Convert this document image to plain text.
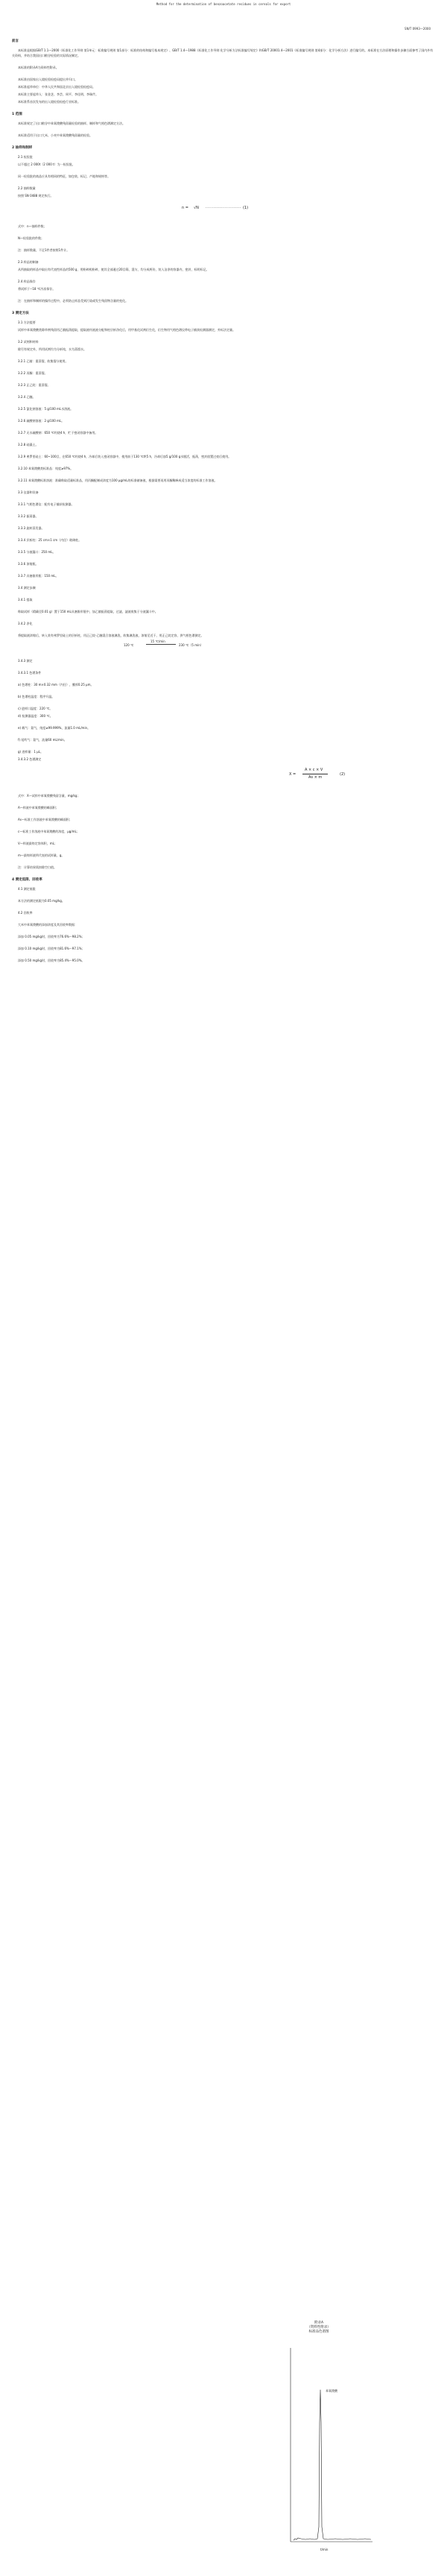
Method for the determination of benzoacetate residues in cereals for export
SN/T 0993—2000

前言

本标准是根据GB/T 1.1—2000《标准化工作导则 第1单元：标准编写规则 第1部分：标准的结构和编写基本规定》、GB/T 1.4—1988《标准化工作导则 化学分析方法标准编写规定》和GB/T 20001.4—2001《标准编写规则 第4部分：化学分析方法》进行编写的。本标准在方法原理和操作步骤方面参考了国内外有关资料，并结合我国出口粮谷检验的实际情况制定。

本标准的附录A为资料性附录。

本标准由国家出入境检验检疫局提出并归口。

本标准起草单位：中华人民共和国北京出入境检验检疫局。

本标准主要起草人：张金芝、李芸、周平、李佳明、李瑞芹。

本标准系首次发布的出入境检验检疫行业标准。

1 范围

本标准规定了出口粮谷中苯氧羧酸残留量检验的抽样、制样和气相色谱测定方法。

本标准适用于出口大米、小麦中苯氧羧酸残留量的检验。

2 抽样和制样

2.1 检验批

以不超过 2 000t（2 000 t）为一检验批。

同一检验批的商品应具有相同的特征，如包装、标记、产地和规格等。

2.2 抽样数量

按照 SN 0488 规定执行。

n = √N ······················· (1)

式中：n—抽样件数；

N—检验批的件数；

注：抽样数量，不足1件者按照1件计。

2.3 样品的制备

从所抽取的样品中取出有代表性样品约500 g，用粉碎机粉碎，使其全部通过20目筛，混匀，均分成两份，装入洁净的容器内，密封，标明标记。

2.4 样品保存

将试样于−18 ℃冷冻保存。

注：在抽样和制样的操作过程中，必须防止样品受到污染或发生残留物含量的变化。

3 测定方法

3.1 方法提要

试样中苯氧羧酸类除草剂残留用乙腈振荡提取，提取液经液液分配和柱层析净化后，用甲基化试剂衍生化，衍生物用气相色谱仪带电子捕获检测器测定，外标法定量。

3.2 试剂和材料

除另有规定外，所用试剂均为分析纯，水为蒸馏水。

3.2.1 乙腈：重蒸馏，收集馏分使用。

3.2.2 丙酮：重蒸馏。

3.2.3 正己烷：重蒸馏。

3.2.4 乙醚。

3.2.5 氯化钠溶液：5 g/100 mL水溶液。

3.2.6 硫酸钠溶液：2 g/100 mL。

3.2.7 无水硫酸钠：650 ℃灼烧4 h，贮于密闭容器中备用。

3.2.8 硅藻土。

3.2.9 弗罗里硅土：60~100目，在650 ℃灼烧4 h，冷却后装入密闭容器中，使用前于130 ℃烘5 h，冷却后加5 g/100 g水脱活，振荡，密封放置过夜后使用。

3.2.10 苯氧羧酸类标准品：纯度≥97%。

3.2.11 苯氧羧酸标准溶液：准确称取适量标准品，用丙酮配制成浓度为100 μg/mL的标准储备液，根据需要再用丙酮稀释成适当浓度的标准工作溶液。

3.3 仪器和设备

3.3.1 气相色谱仪：配有电子捕获检测器。

3.3.2 振荡器。

3.3.3 旋转蒸发器。

3.3.4 层析柱：25 cm×1 cm（内径）玻璃柱。

3.3.5 分液漏斗：250 mL。

3.3.6 浓缩瓶。

3.3.7 具塞锥形瓶：150 mL。

3.4 测定步骤

3.4.1 提取

称取试样（精确至0.01 g）置于150 mL具塞锥形瓶中，加乙腈振荡提取，过滤，滤液收集于分液漏斗中。

3.4.2 净化

将提取液浓缩后，转入装有弗罗里硅土的层析柱，用正己烷-乙醚混合溶液淋洗，收集淋洗液，浓缩至近干，用正己烷定容，供气相色谱测定。

120 ℃
15 ℃/min
230 ℃（5 min）

3.4.3 测定

3.4.3.1 色谱条件

a) 色谱柱：30 m×0.32 mm（内径），膜厚0.25 μm。

b) 色谱柱温度：程序升温。

c) 进样口温度：220 ℃。

d) 检测器温度：300 ℃。

e) 载气：氮气，纯度≥99.999%，流量1.0 mL/min。

f) 尾吹气：氮气，流量60 mL/min。

g) 进样量：1 μL。

3.4.3.2 色谱测定

X =
A × c × V
As × m
(2)

式中：X—试样中苯氧羧酸残留含量，mg/kg；

A—样液中苯氧羧酸的峰面积；

As—标准工作溶液中苯氧羧酸的峰面积；

c—标准工作溶液中苯氧羧酸的浓度，μg/mL；

V—样液最终定容体积，mL；

m—最终样液所代表的试样量，g。

注：计算结果需扣除空白值。

4 测定低限、回收率

4.1 测定低限

本方法的测定低限为0.05 mg/kg。

4.2 回收率

大米中苯氧羧酸的添加浓度及其回收率数据：

添加 0.05 mg/kg时，回收率为76.6%～98.2%；

添加 0.10 mg/kg时，回收率为81.6%～97.1%；

添加 0.50 mg/kg时，回收率为85.4%～95.0%。

附录A
（资料性附录）
标准品色谱图
苯氧羧酸
t/min
